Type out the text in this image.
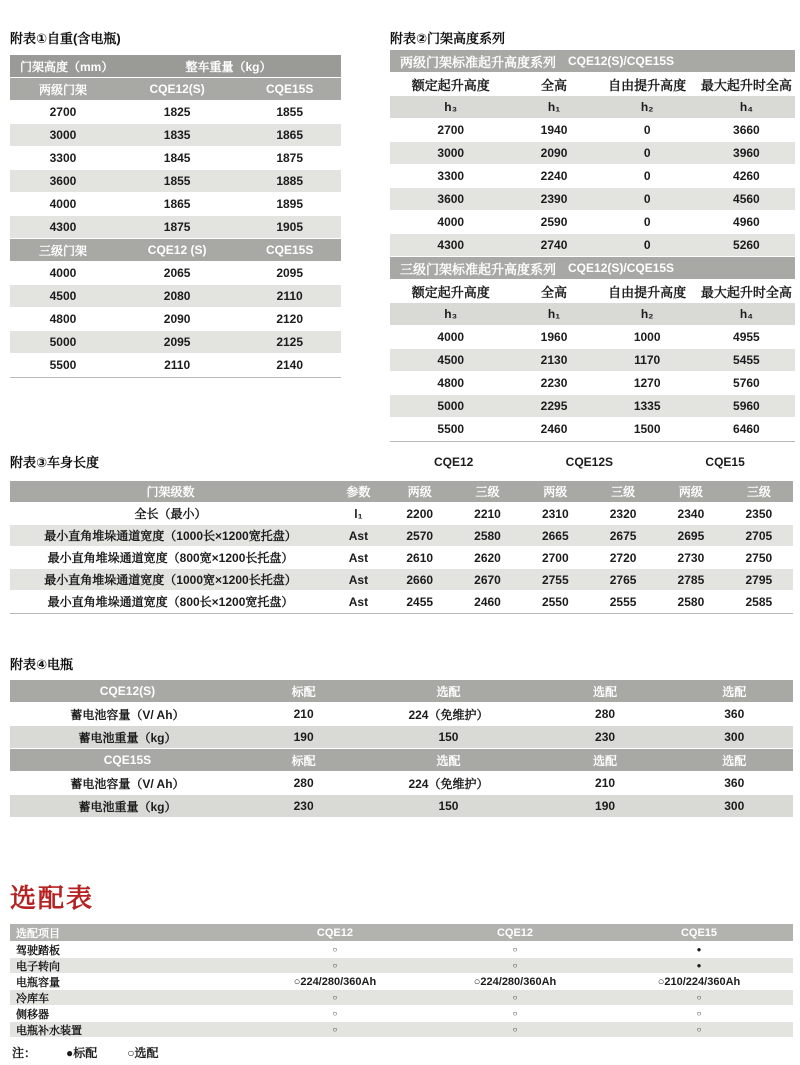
附表①自重(含电瓶)
门架高度（mm）	整车重量（kg）
两级门架	CQE12(S)	CQE15S
2700	1825	1855
3000	1835	1865
3300	1845	1875
3600	1855	1885
4000	1865	1895
4300	1875	1905
三级门架	CQE12 (S)	CQE15S
4000	2065	2095
4500	2080	2110
4800	2090	2120
5000	2095	2125
5500	2110	2140
附表②门架高度系列
两级门架标准起升高度系列 CQE12(S)/CQE15S
额定起升高度	全高	自由提升高度	最大起升时全高
h₃	h₁	h₂	h₄
2700	1940	0	3660
3000	2090	0	3960
3300	2240	0	4260
3600	2390	0	4560
4000	2590	0	4960
4300	2740	0	5260
三级门架标准起升高度系列 CQE12(S)/CQE15S
额定起升高度	全高	自由提升高度	最大起升时全高
h₃	h₁	h₂	h₄
4000	1960	1000	4955
4500	2130	1170	5455
4800	2230	1270	5760
5000	2295	1335	5960
5500	2460	1500	6460
附表③车身长度	CQE12	CQE12S	CQE15
门架级数	参数	两级	三级	两级	三级	两级	三级
全长（最小）	l₁	2200	2210	2310	2320	2340	2350
最小直角堆垛通道宽度（1000长×1200宽托盘）	Ast	2570	2580	2665	2675	2695	2705
最小直角堆垛通道宽度（800宽×1200长托盘）	Ast	2610	2620	2700	2720	2730	2750
最小直角堆垛通道宽度（1000宽×1200长托盘）	Ast	2660	2670	2755	2765	2785	2795
最小直角堆垛通道宽度（800长×1200宽托盘）	Ast	2455	2460	2550	2555	2580	2585
附表④电瓶
CQE12(S)	标配	选配	选配	选配
蓄电池容量（V/ Ah）	210	224（免维护）	280	360
蓄电池重量（kg）	190	150	230	300
CQE15S	标配	选配	选配	选配
蓄电池容量（V/ Ah）	280	224（免维护）	210	360
蓄电池重量（kg）	230	150	190	300
选配表
选配项目	CQE12	CQE12	CQE15
驾驶踏板	○	○	●
电子转向	○	○	●
电瓶容量	○224/280/360Ah	○224/280/360Ah	○210/224/360Ah
冷库车	○	○	○
侧移器	○	○	○
电瓶补水装置	○	○	○
注：	●标配	○选配
